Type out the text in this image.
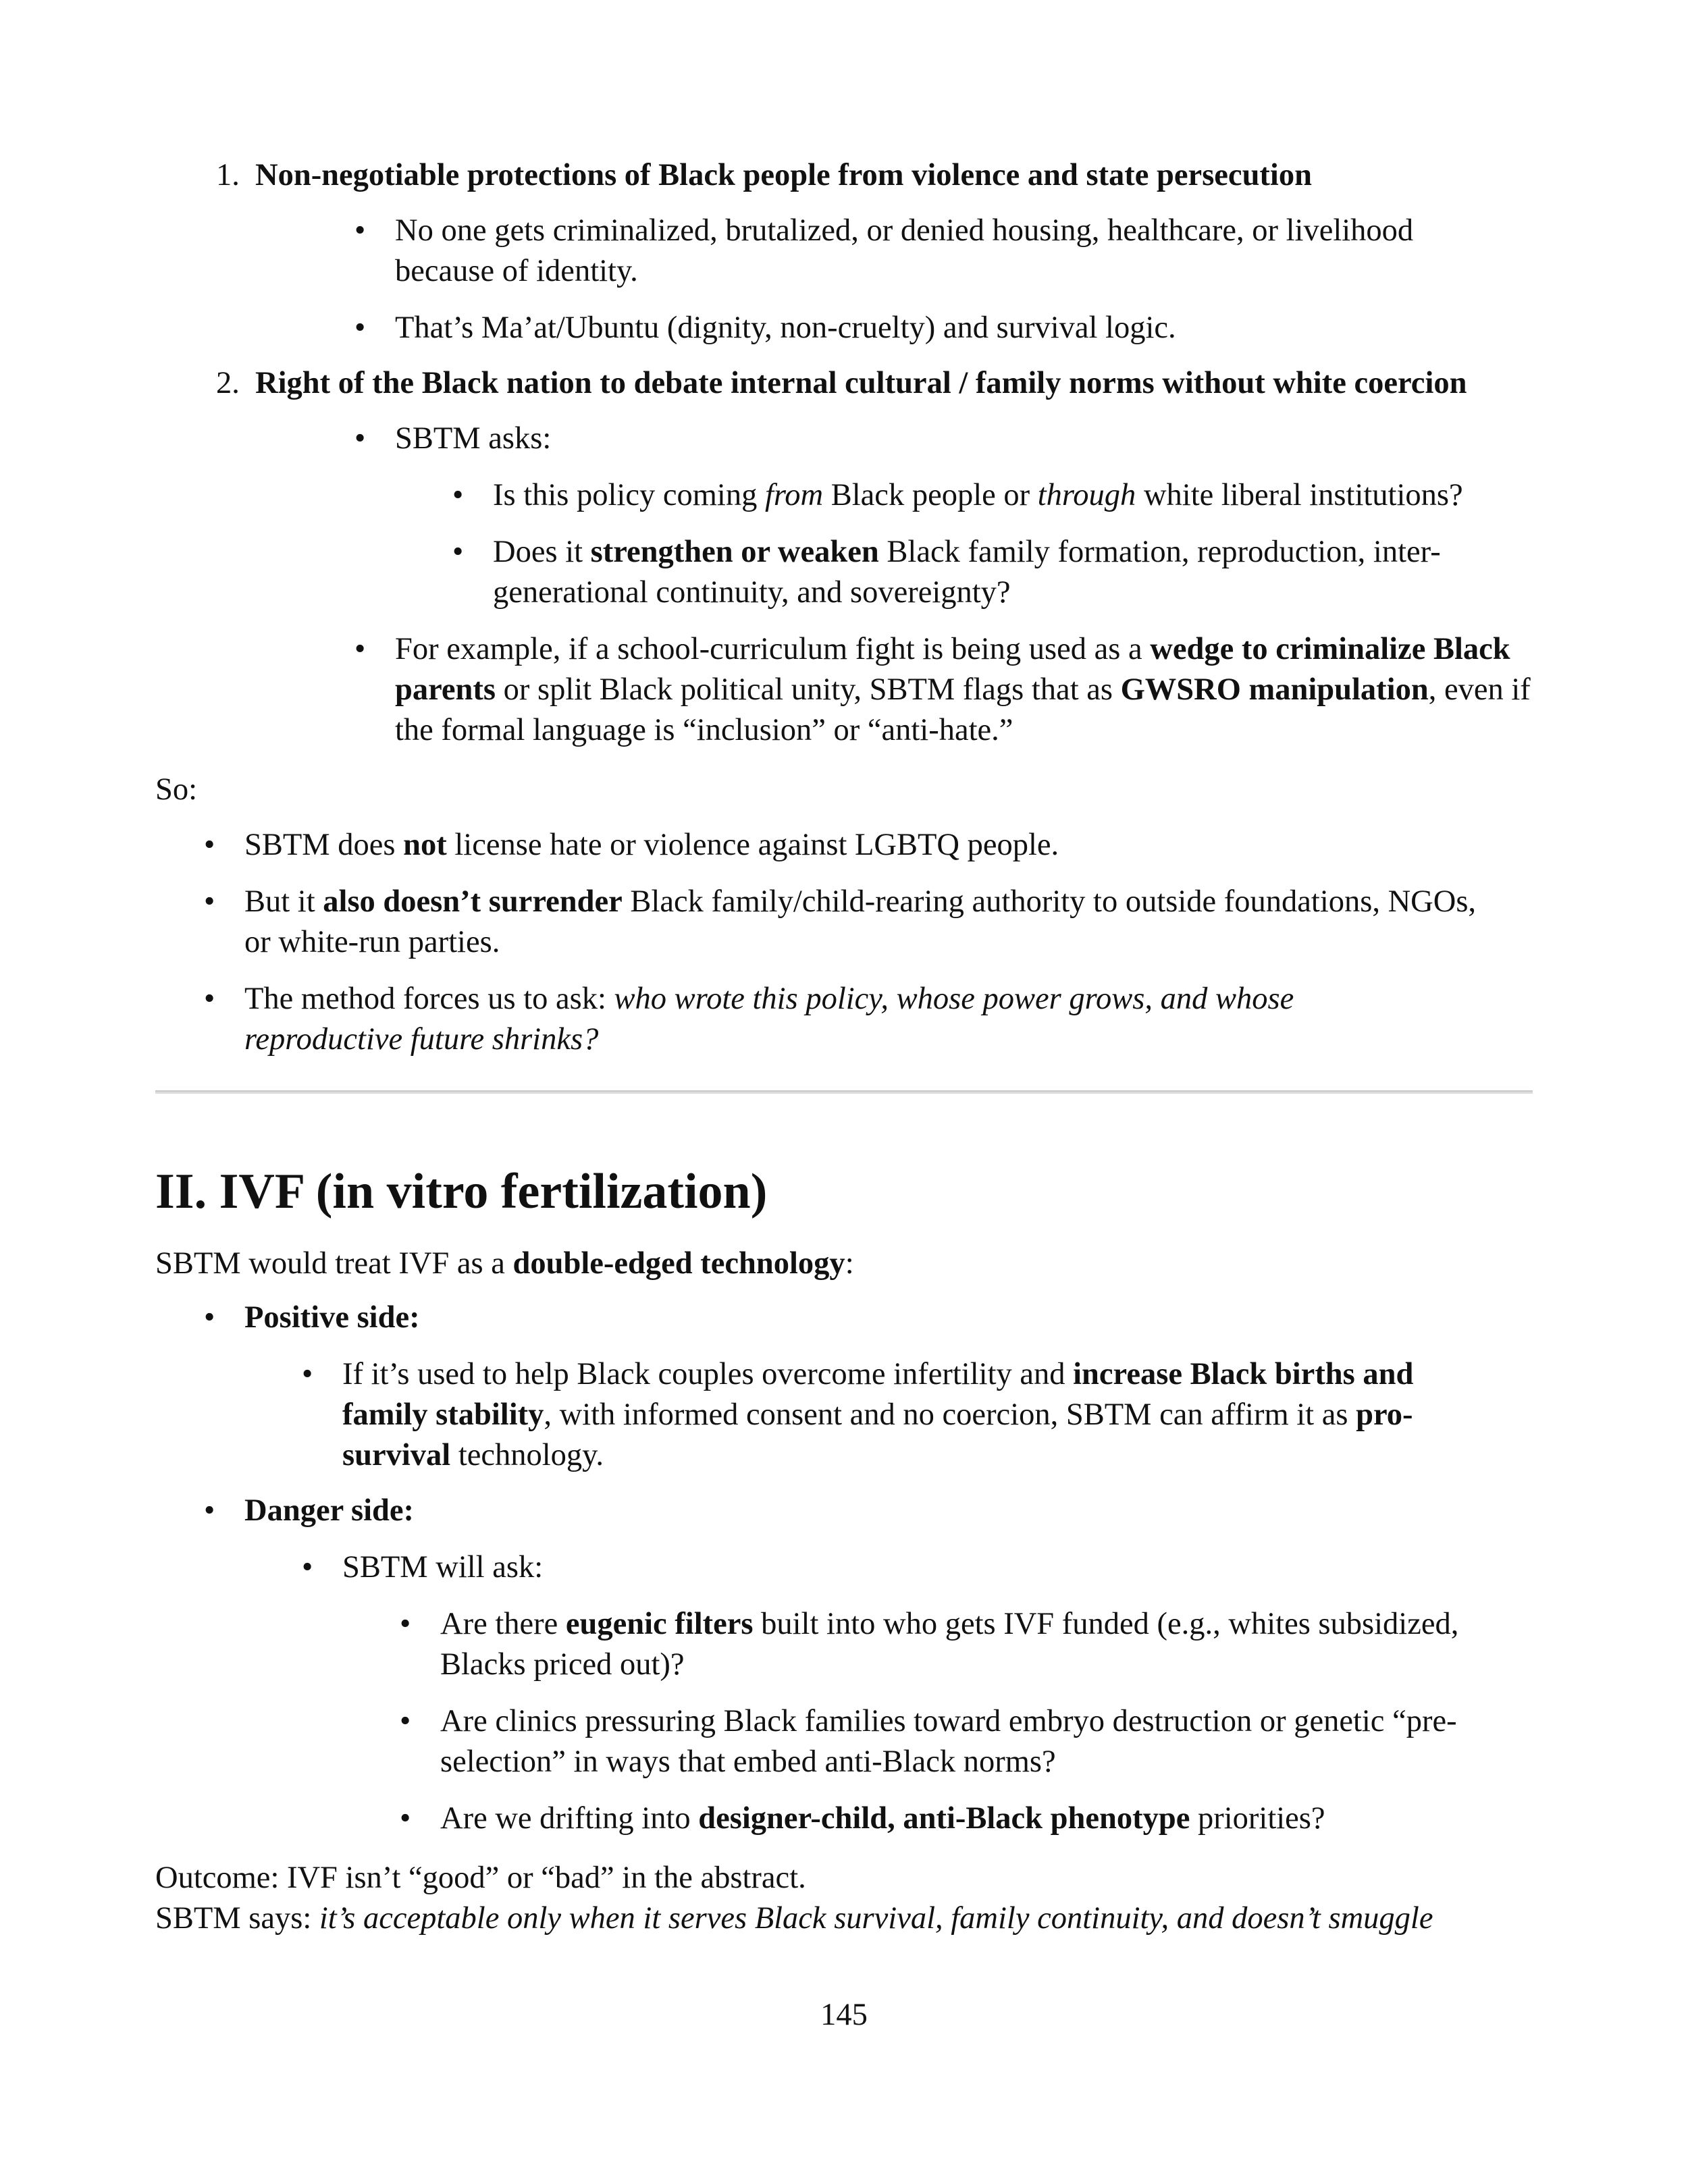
1. Non-negotiable protections of Black people from violence and state persecution
• No one gets criminalized, brutalized, or denied housing, healthcare, or livelihood because of identity.
• That’s Ma’at/Ubuntu (dignity, non-cruelty) and survival logic.
2. Right of the Black nation to debate internal cultural / family norms without white coercion
• SBTM asks:
• Is this policy coming from Black people or through white liberal institutions?
• Does it strengthen or weaken Black family formation, reproduction, inter-generational continuity, and sovereignty?
• For example, if a school-curriculum fight is being used as a wedge to criminalize Black parents or split Black political unity, SBTM flags that as GWSRO manipulation, even if the formal language is “inclusion” or “anti-hate.”
So:
• SBTM does not license hate or violence against LGBTQ people.
• But it also doesn’t surrender Black family/child-rearing authority to outside foundations, NGOs, or white-run parties.
• The method forces us to ask: who wrote this policy, whose power grows, and whose reproductive future shrinks?
II. IVF (in vitro fertilization)
SBTM would treat IVF as a double-edged technology:
• Positive side:
• If it’s used to help Black couples overcome infertility and increase Black births and family stability, with informed consent and no coercion, SBTM can affirm it as pro-survival technology.
• Danger side:
• SBTM will ask:
• Are there eugenic filters built into who gets IVF funded (e.g., whites subsidized, Blacks priced out)?
• Are clinics pressuring Black families toward embryo destruction or genetic “pre-selection” in ways that embed anti-Black norms?
• Are we drifting into designer-child, anti-Black phenotype priorities?
Outcome: IVF isn’t “good” or “bad” in the abstract.
SBTM says: it’s acceptable only when it serves Black survival, family continuity, and doesn’t smuggle
145
